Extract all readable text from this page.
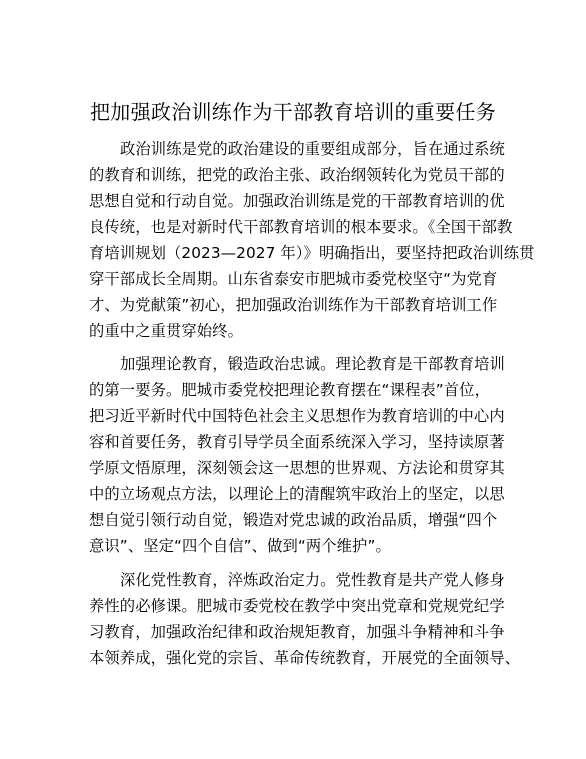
把加强政治训练作为干部教育培训的重要任务
政治训练是党的政治建设的重要组成部分，旨在通过系统
的教育和训练，把党的政治主张、政治纲领转化为党员干部的
思想自觉和行动自觉。加强政治训练是党的干部教育培训的优
良传统，也是对新时代干部教育培训的根本要求。《全国干部教
育培训规划（2023—2027 年）》明确指出，要坚持把政治训练贯
穿干部成长全周期。山东省泰安市肥城市委党校坚守“为党育
才、为党献策”初心，把加强政治训练作为干部教育培训工作
的重中之重贯穿始终。
加强理论教育，锻造政治忠诚。理论教育是干部教育培训
的第一要务。肥城市委党校把理论教育摆在“课程表”首位，
把习近平新时代中国特色社会主义思想作为教育培训的中心内
容和首要任务，教育引导学员全面系统深入学习，坚持读原著
学原文悟原理，深刻领会这一思想的世界观、方法论和贯穿其
中的立场观点方法，以理论上的清醒筑牢政治上的坚定，以思
想自觉引领行动自觉，锻造对党忠诚的政治品质，增强“四个
意识”、坚定“四个自信”、做到“两个维护”。
深化党性教育，淬炼政治定力。党性教育是共产党人修身
养性的必修课。肥城市委党校在教学中突出党章和党规党纪学
习教育，加强政治纪律和政治规矩教育，加强斗争精神和斗争
本领养成，强化党的宗旨、革命传统教育，开展党的全面领导、
